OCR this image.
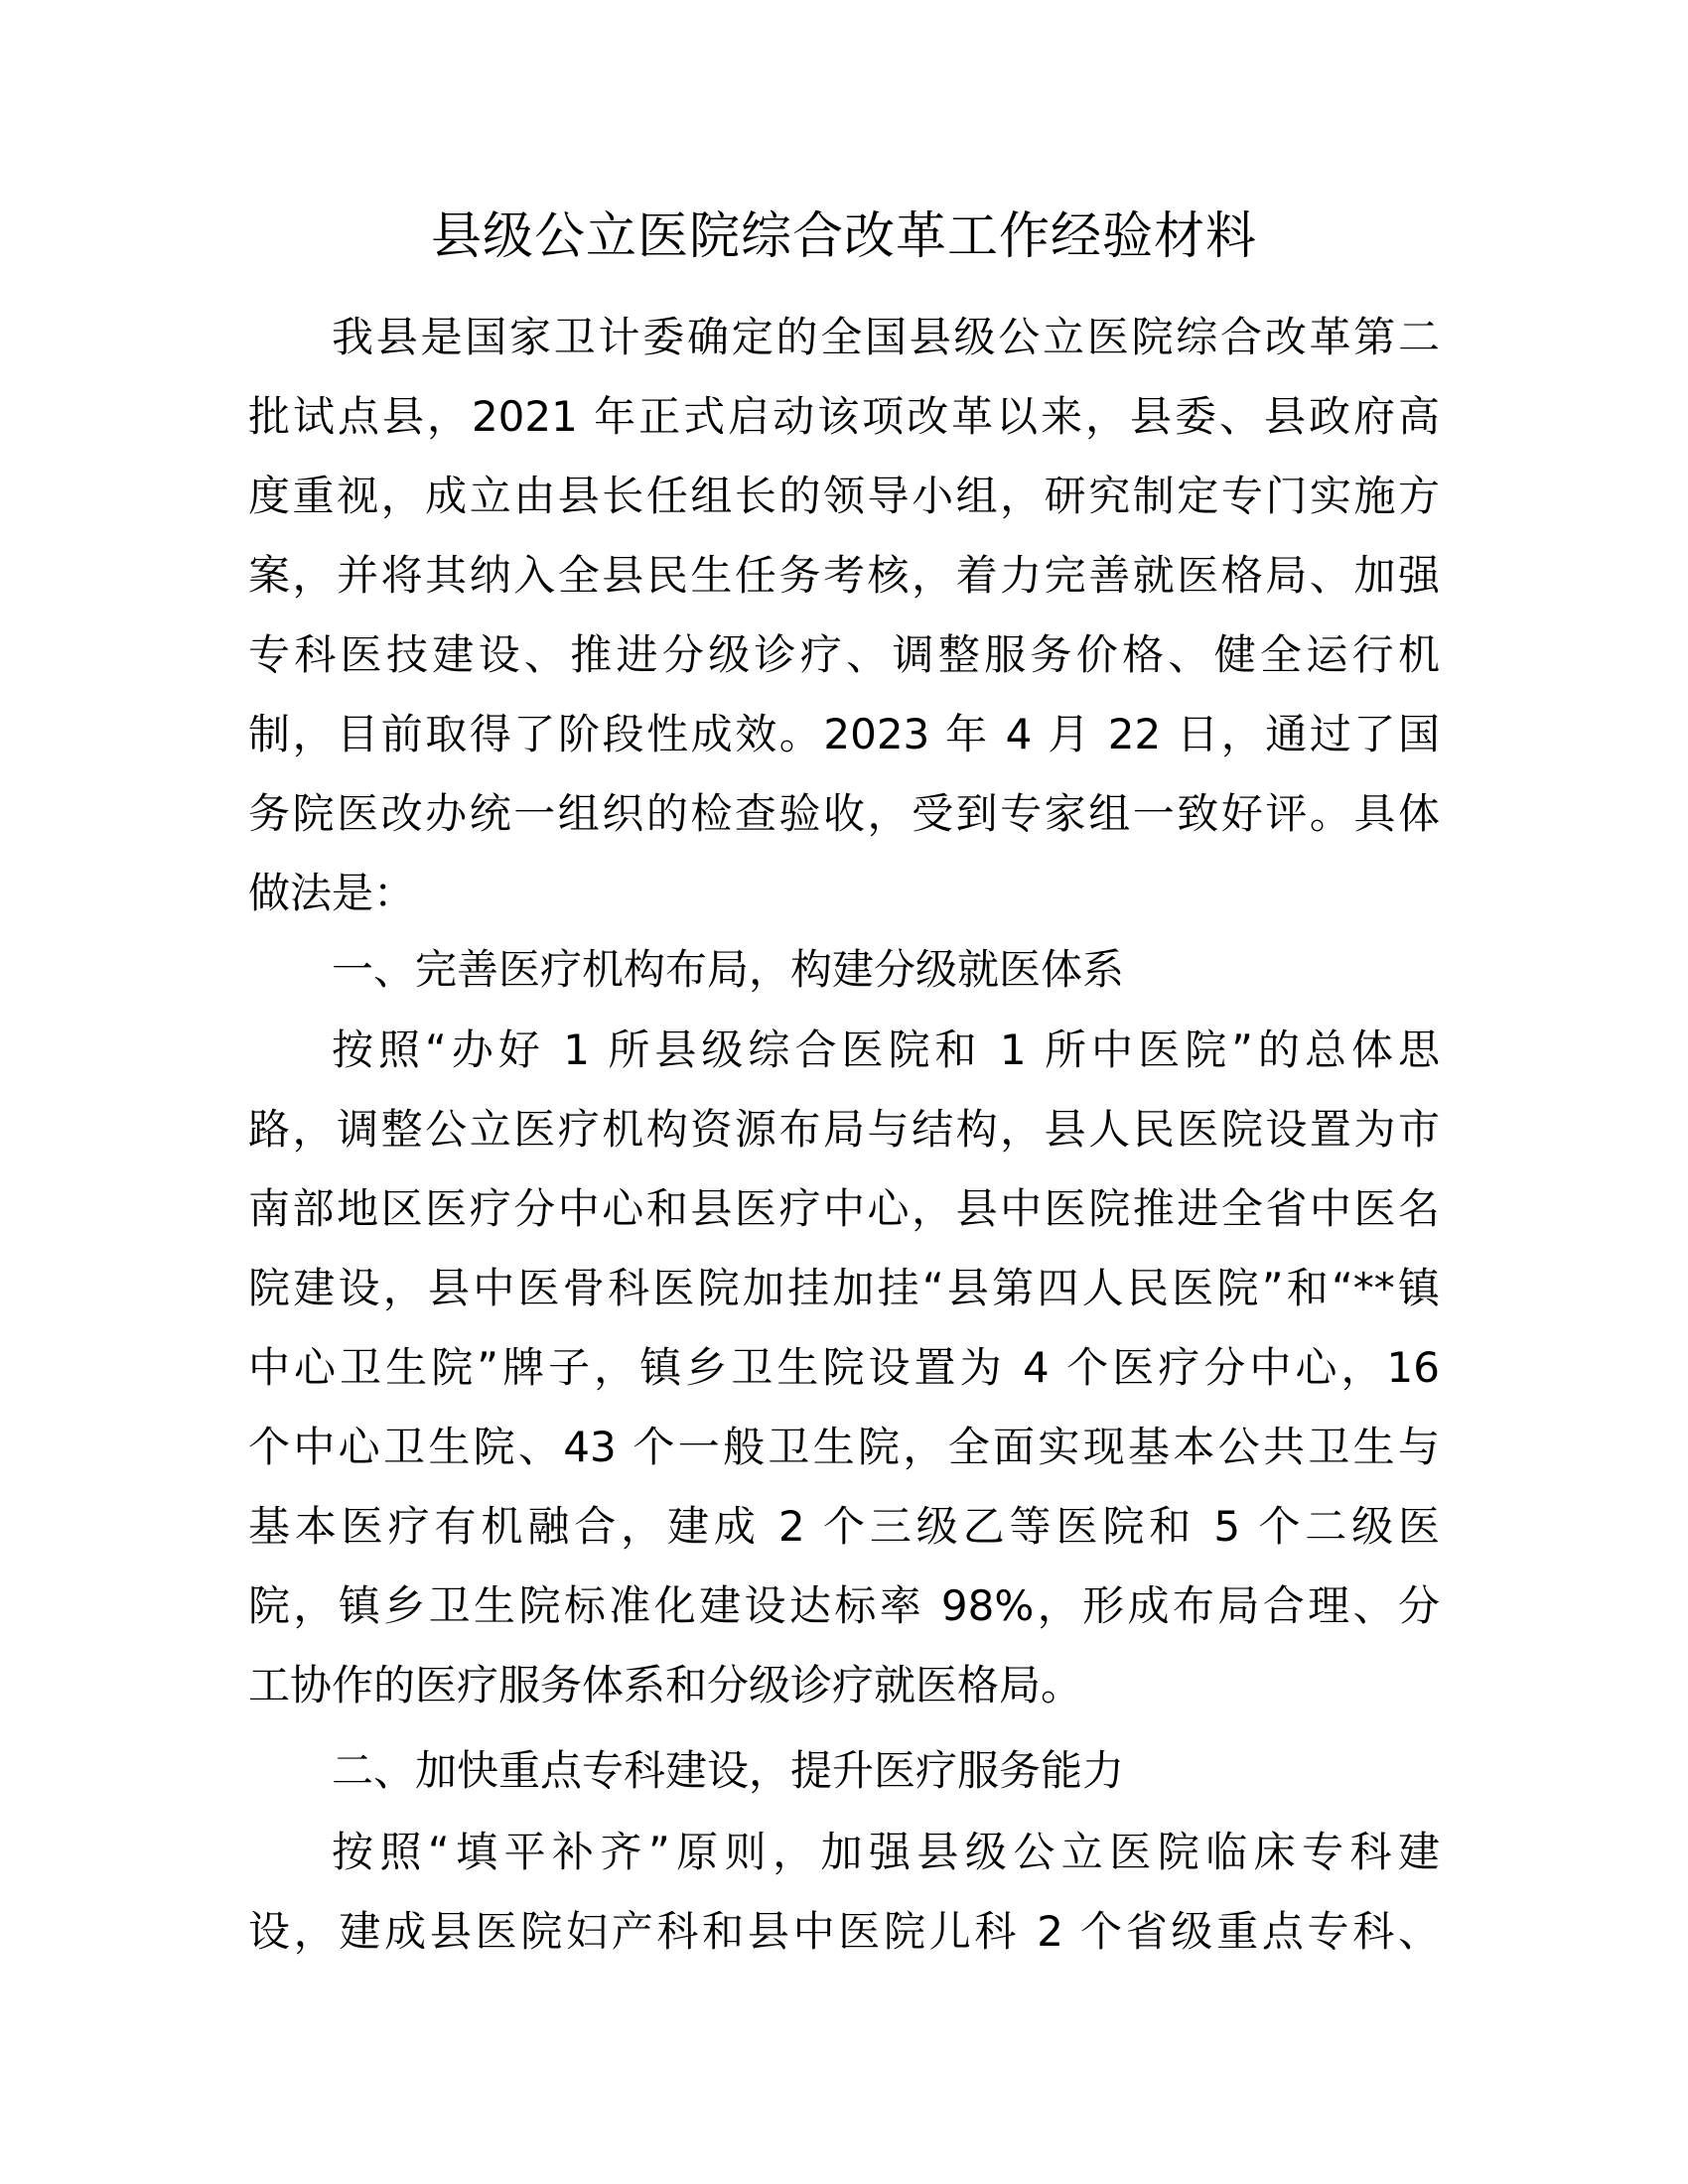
县级公立医院综合改革工作经验材料
我县是国家卫计委确定的全国县级公立医院综合改革第二
批试点县，2021 年正式启动该项改革以来，县委、县政府高
度重视，成立由县长任组长的领导小组，研究制定专门实施方
案，并将其纳入全县民生任务考核，着力完善就医格局、加强
专科医技建设、推进分级诊疗、调整服务价格、健全运行机
制，目前取得了阶段性成效。2023 年 4 月 22 日，通过了国
务院医改办统一组织的检查验收，受到专家组一致好评。具体
做法是：
一、完善医疗机构布局，构建分级就医体系
按照“办好 1 所县级综合医院和 1 所中医院”的总体思
路，调整公立医疗机构资源布局与结构，县人民医院设置为市
南部地区医疗分中心和县医疗中心，县中医院推进全省中医名
院建设，县中医骨科医院加挂加挂“县第四人民医院”和“**镇
中心卫生院”牌子，镇乡卫生院设置为 4 个医疗分中心，16
个中心卫生院、43 个一般卫生院，全面实现基本公共卫生与
基本医疗有机融合，建成 2 个三级乙等医院和 5 个二级医
院，镇乡卫生院标准化建设达标率 98%，形成布局合理、分
工协作的医疗服务体系和分级诊疗就医格局。
二、加快重点专科建设，提升医疗服务能力
按照“填平补齐”原则，加强县级公立医院临床专科建
设，建成县医院妇产科和县中医院儿科 2 个省级重点专科、
